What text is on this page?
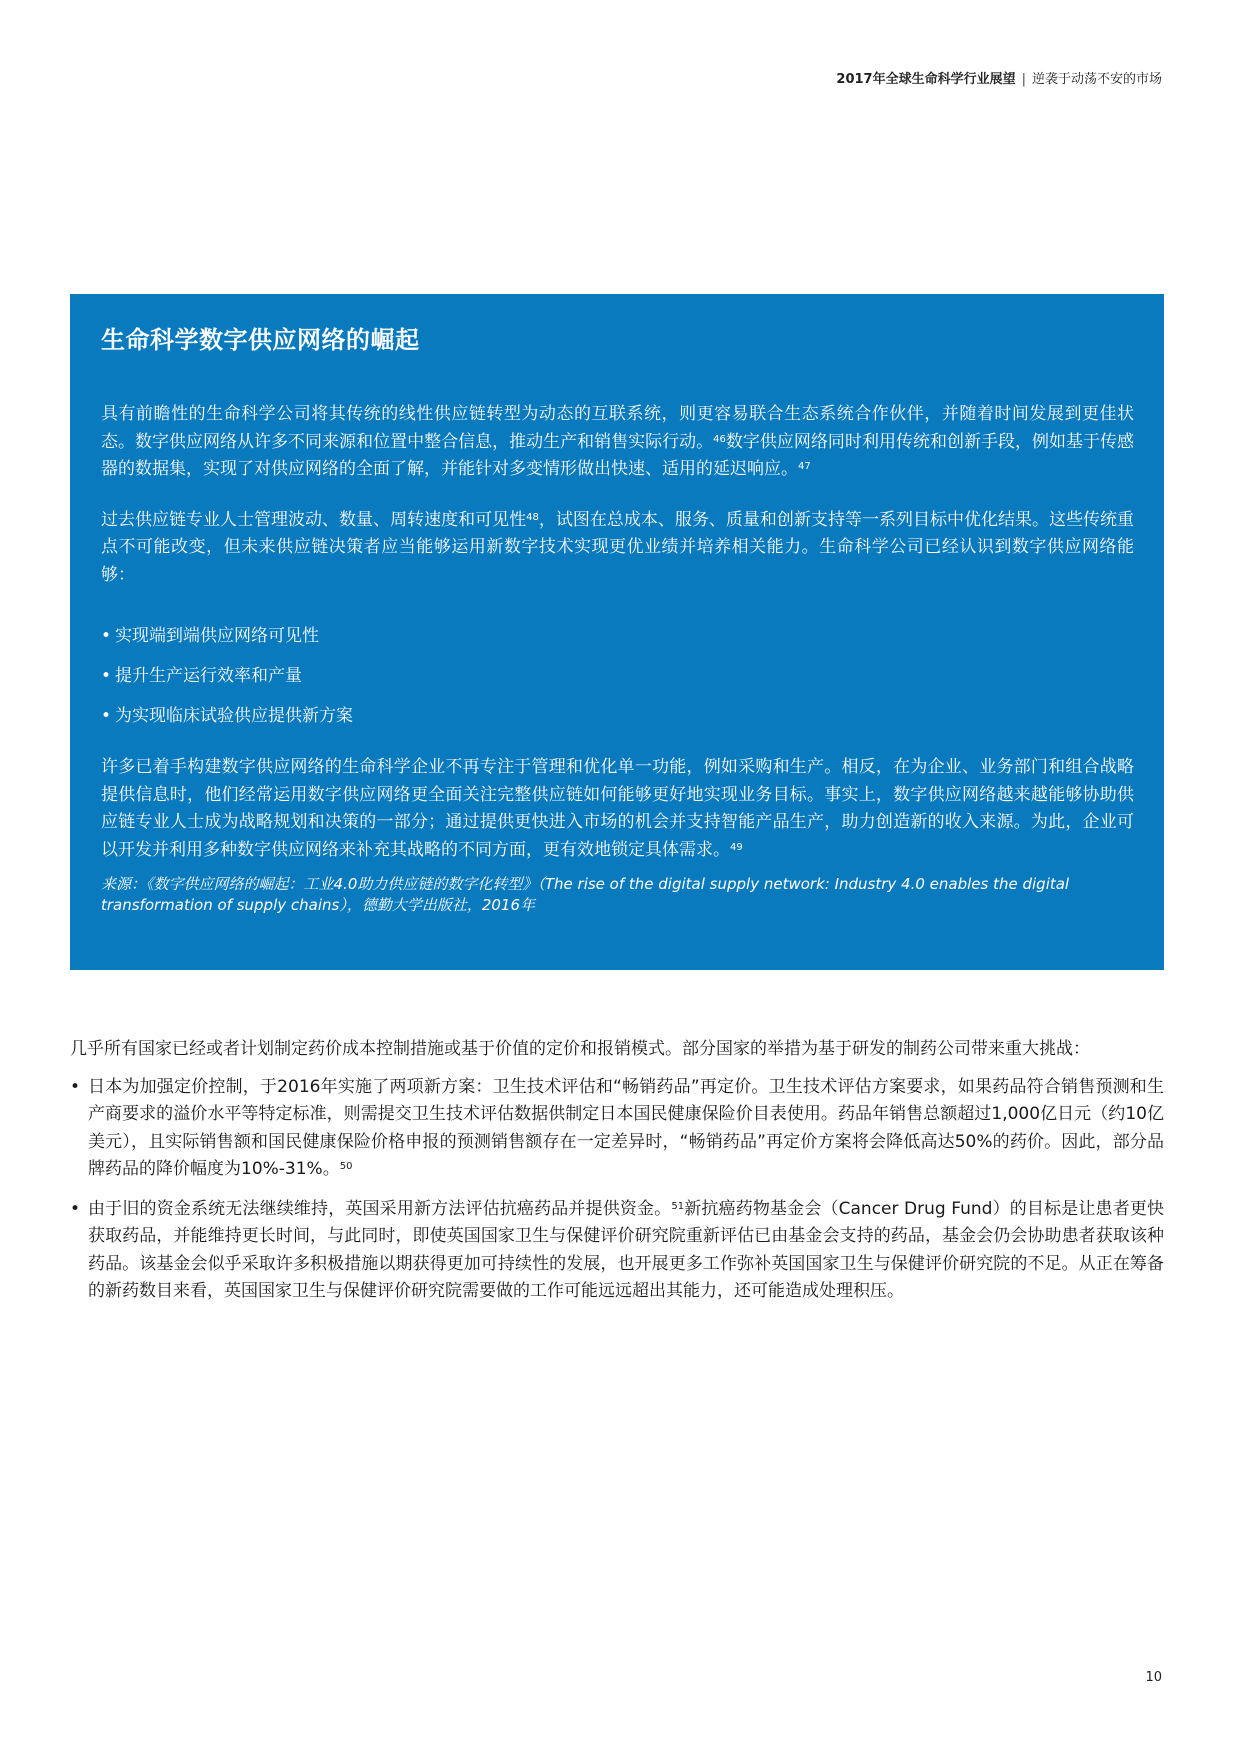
2017年全球生命科学行业展望 | 逆袭于动荡不安的市场
生命科学数字供应网络的崛起

具有前瞻性的生命科学公司将其传统的线性供应链转型为动态的互联系统，则更容易联合生态系统合作伙伴，并随着时间发展到更佳状态。数字供应网络从许多不同来源和位置中整合信息，推动生产和销售实际行动。$^{46}$数字供应网络同时利用传统和创新手段，例如基于传感器的数据集，实现了对供应网络的全面了解，并能针对多变情形做出快速、适用的延迟响应。$^{47}$

过去供应链专业人士管理波动、数量、周转速度和可见性$^{48}$，试图在总成本、服务、质量和创新支持等一系列目标中优化结果。这些传统重点不可能改变，但未来供应链决策者应当能够运用新数字技术实现更优业绩并培养相关能力。生命科学公司已经认识到数字供应网络能够：

• 实现端到端供应网络可见性
• 提升生产运行效率和产量
• 为实现临床试验供应提供新方案

许多已着手构建数字供应网络的生命科学企业不再专注于管理和优化单一功能，例如采购和生产。相反，在为企业、业务部门和组合战略提供信息时，他们经常运用数字供应网络更全面关注完整供应链如何能够更好地实现业务目标。事实上，数字供应网络越来越能够协助供应链专业人士成为战略规划和决策的一部分；通过提供更快进入市场的机会并支持智能产品生产，助力创造新的收入来源。为此，企业可以开发并利用多种数字供应网络来补充其战略的不同方面，更有效地锁定具体需求。$^{49}$

来源：《数字供应网络的崛起：工业4.0助力供应链的数字化转型》（The rise of the digital supply network: Industry 4.0 enables the digital transformation of supply chains），德勤大学出版社，2016年

几乎所有国家已经或者计划制定药价成本控制措施或基于价值的定价和报销模式。部分国家的举措为基于研发的制药公司带来重大挑战：

• 日本为加强定价控制，于2016年实施了两项新方案：卫生技术评估和“畅销药品”再定价。卫生技术评估方案要求，如果药品符合销售预测和生产商要求的溢价水平等特定标准，则需提交卫生技术评估数据供制定日本国民健康保险价目表使用。药品年销售总额超过1,000亿日元（约10亿美元），且实际销售额和国民健康保险价格申报的预测销售额存在一定差异时，“畅销药品”再定价方案将会降低高达50%的药价。因此，部分品牌药品的降价幅度为10%-31%。$^{50}$
• 由于旧的资金系统无法继续维持，英国采用新方法评估抗癌药品并提供资金。$^{51}$新抗癌药物基金会（Cancer Drug Fund）的目标是让患者更快获取药品，并能维持更长时间，与此同时，即使英国国家卫生与保健评价研究院重新评估已由基金会支持的药品，基金会仍会协助患者获取该种药品。该基金会似乎采取许多积极措施以期获得更加可持续性的发展，也开展更多工作弥补英国国家卫生与保健评价研究院的不足。从正在筹备的新药数目来看，英国国家卫生与保健评价研究院需要做的工作可能远远超出其能力，还可能造成处理积压。
10
